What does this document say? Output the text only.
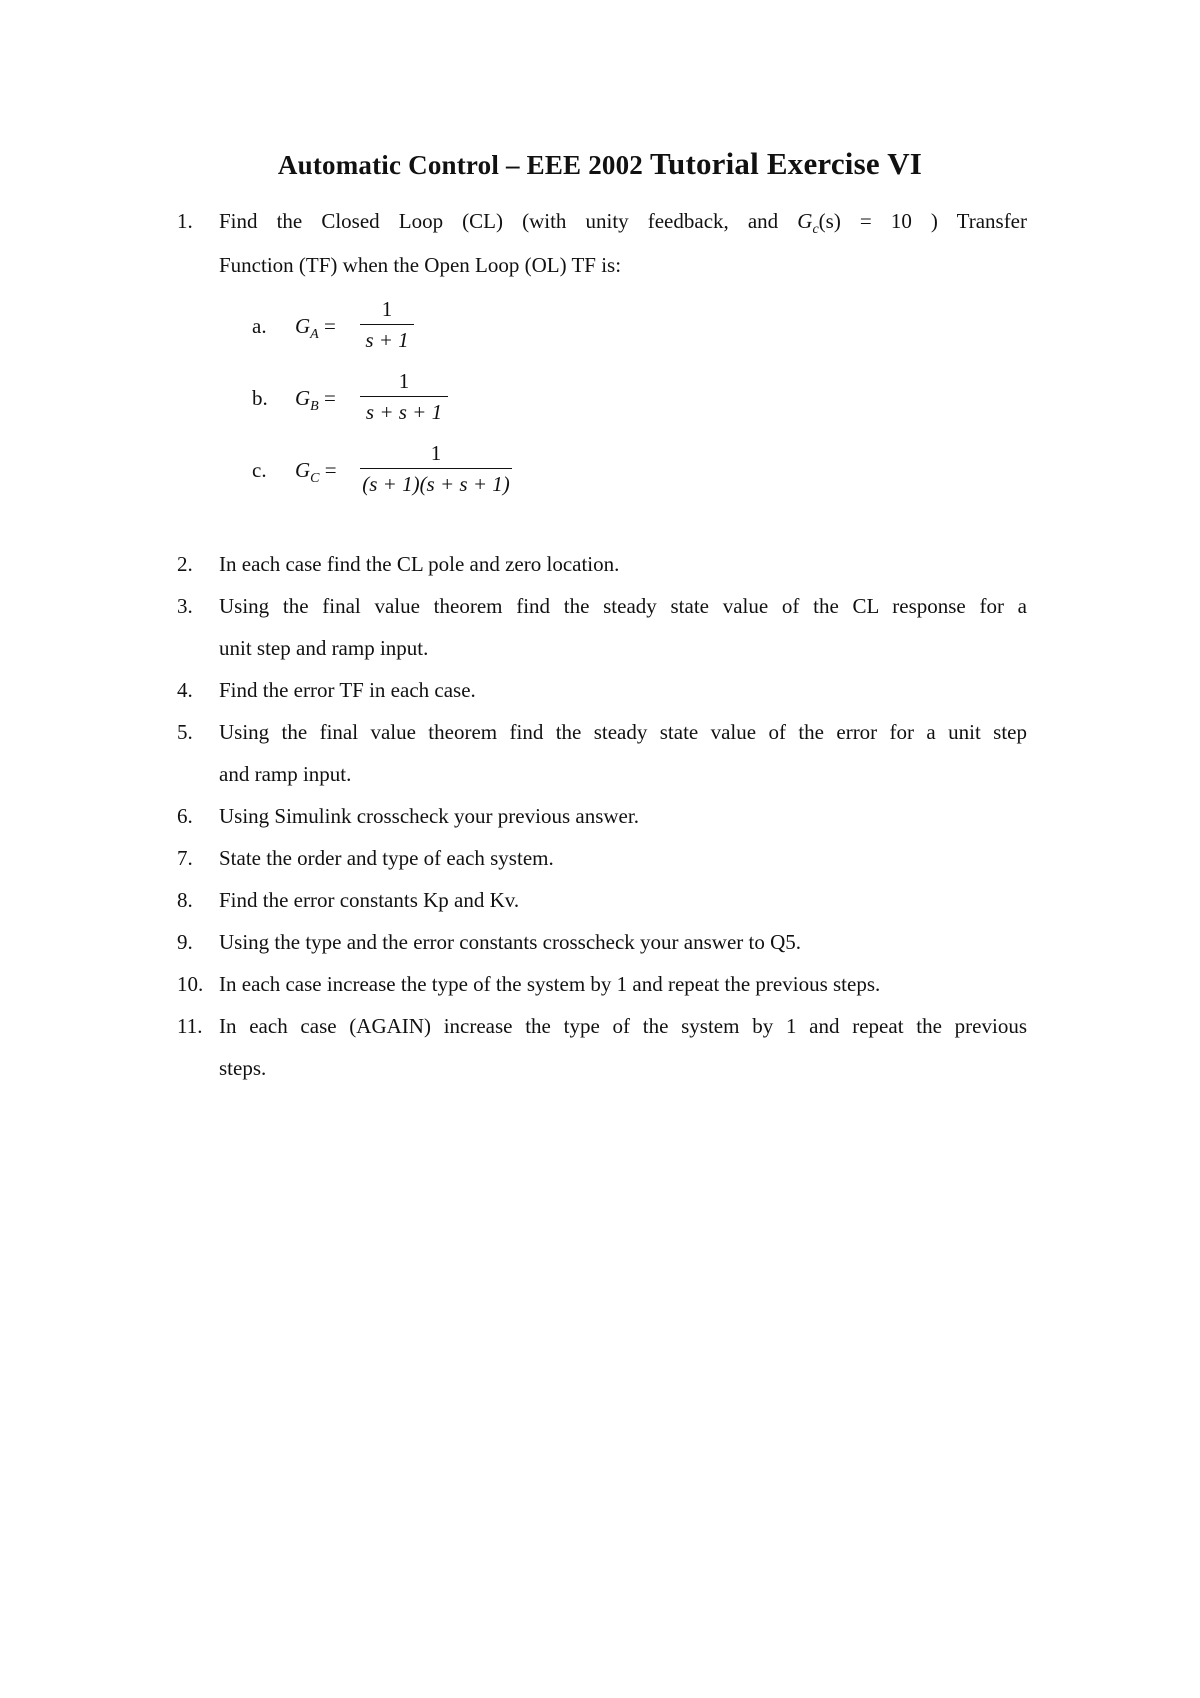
Automatic Control – EEE 2002 Tutorial Exercise VI
1.	Find the Closed Loop (CL) (with unity feedback, and $G_c(s) = 10$ ) Transfer
Function (TF) when the Open Loop (OL) TF is:
a. $G_A$ =
1
s + 1
b. $G_B$ =
1
s + s + 1
c. $G_C$ =
1
(s + 1)(s + s + 1)
2.	In each case find the CL pole and zero location.
3.	Using the final value theorem find the steady state value of the CL response for a
unit step and ramp input.
4.	Find the error TF in each case.
5.	Using the final value theorem find the steady state value of the error for a unit step
and ramp input.
6.	Using Simulink crosscheck your previous answer.
7.	State the order and type of each system.
8.	Find the error constants Kp and Kv.
9.	Using the type and the error constants crosscheck your answer to Q5.
10. In each case increase the type of the system by 1 and repeat the previous steps.
11. In each case (AGAIN) increase the type of the system by 1 and repeat the previous
steps.
